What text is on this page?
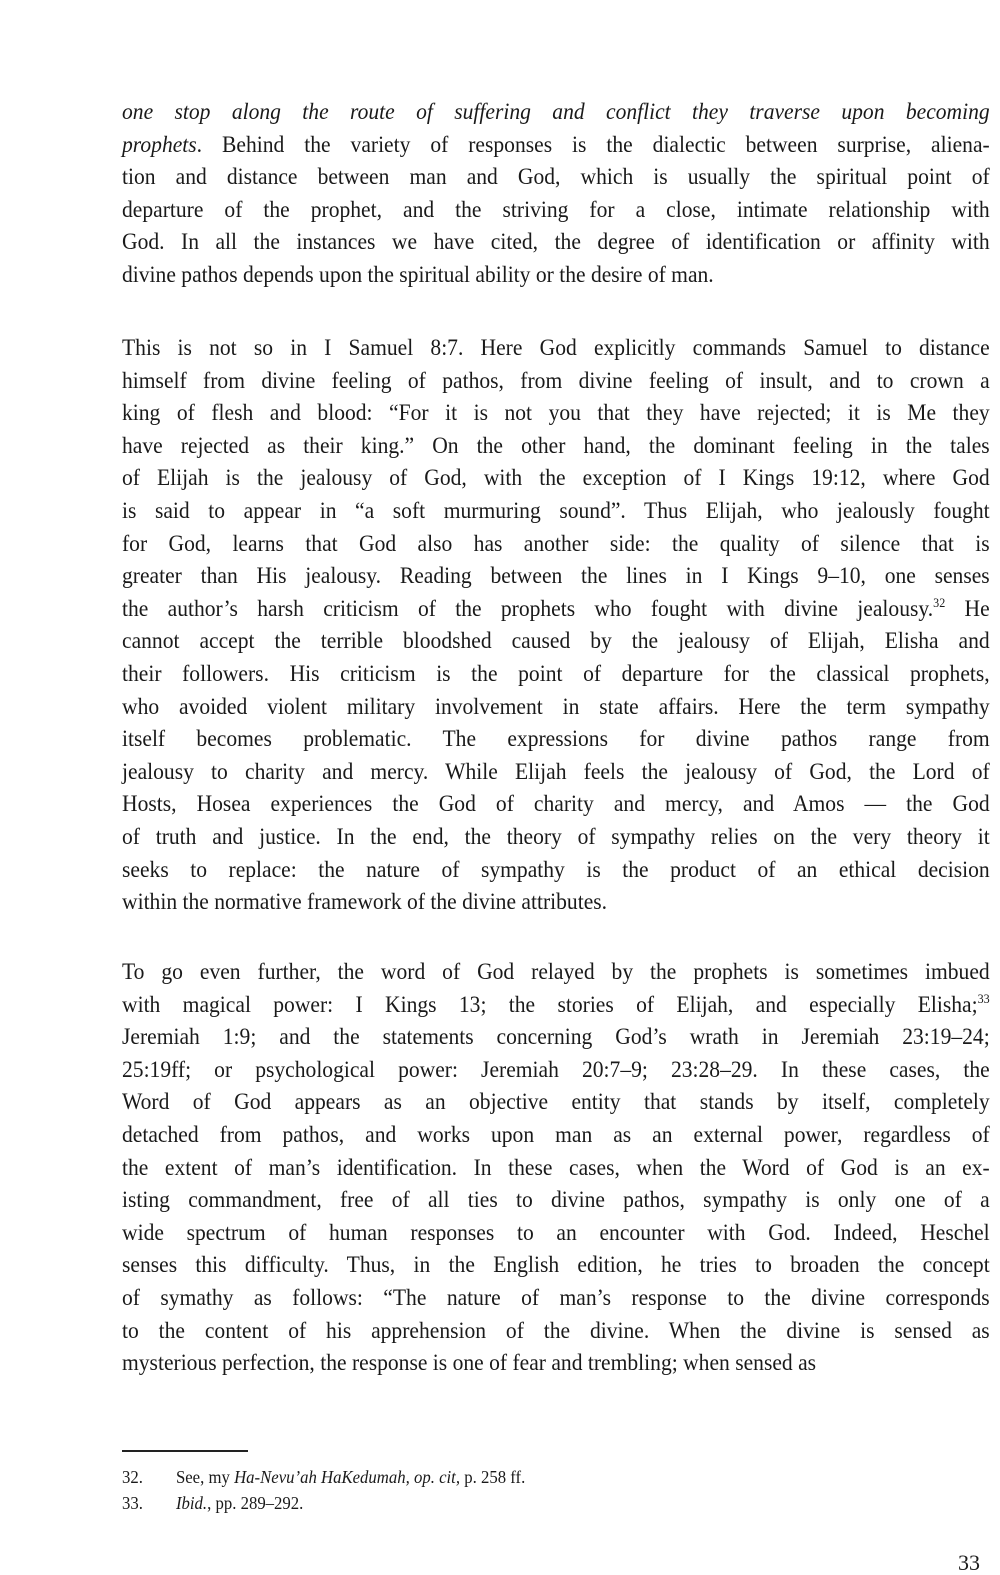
one stop along the route of suffering and conflict they traverse upon becoming
prophets. Behind the variety of responses is the dialectic between surprise, aliena-
tion and distance between man and God, which is usually the spiritual point of
departure of the prophet, and the striving for a close, intimate relationship with
God. In all the instances we have cited, the degree of identification or affinity with
divine pathos depends upon the spiritual ability or the desire of man.
This is not so in I Samuel 8:7. Here God explicitly commands Samuel to distance
himself from divine feeling of pathos, from divine feeling of insult, and to crown a
king of flesh and blood: “For it is not you that they have rejected; it is Me they
have rejected as their king.” On the other hand, the dominant feeling in the tales
of Elijah is the jealousy of God, with the exception of I Kings 19:12, where God
is said to appear in “a soft murmuring sound”. Thus Elijah, who jealously fought
for God, learns that God also has another side: the quality of silence that is
greater than His jealousy. Reading between the lines in I Kings 9–10, one senses
the author’s harsh criticism of the prophets who fought with divine jealousy.$^{32}$ He
cannot accept the terrible bloodshed caused by the jealousy of Elijah, Elisha and
their followers. His criticism is the point of departure for the classical prophets,
who avoided violent military involvement in state affairs. Here the term sympathy
itself becomes problematic. The expressions for divine pathos range from
jealousy to charity and mercy. While Elijah feels the jealousy of God, the Lord of
Hosts, Hosea experiences the God of charity and mercy, and Amos — the God
of truth and justice. In the end, the theory of sympathy relies on the very theory it
seeks to replace: the nature of sympathy is the product of an ethical decision
within the normative framework of the divine attributes.
To go even further, the word of God relayed by the prophets is sometimes imbued
with magical power: I Kings 13; the stories of Elijah, and especially Elisha;$^{33}$
Jeremiah 1:9; and the statements concerning God’s wrath in Jeremiah 23:19–24;
25:19ff; or psychological power: Jeremiah 20:7–9; 23:28–29. In these cases, the
Word of God appears as an objective entity that stands by itself, completely
detached from pathos, and works upon man as an external power, regardless of
the extent of man’s identification. In these cases, when the Word of God is an ex-
isting commandment, free of all ties to divine pathos, sympathy is only one of a
wide spectrum of human responses to an encounter with God. Indeed, Heschel
senses this difficulty. Thus, in the English edition, he tries to broaden the concept
of symathy as follows: “The nature of man’s response to the divine corresponds
to the content of his apprehension of the divine. When the divine is sensed as
mysterious perfection, the response is one of fear and trembling; when sensed as
32. See, my Ha-Nevu’ah HaKedumah, op. cit, p. 258 ff.
33. Ibid., pp. 289–292.
33
